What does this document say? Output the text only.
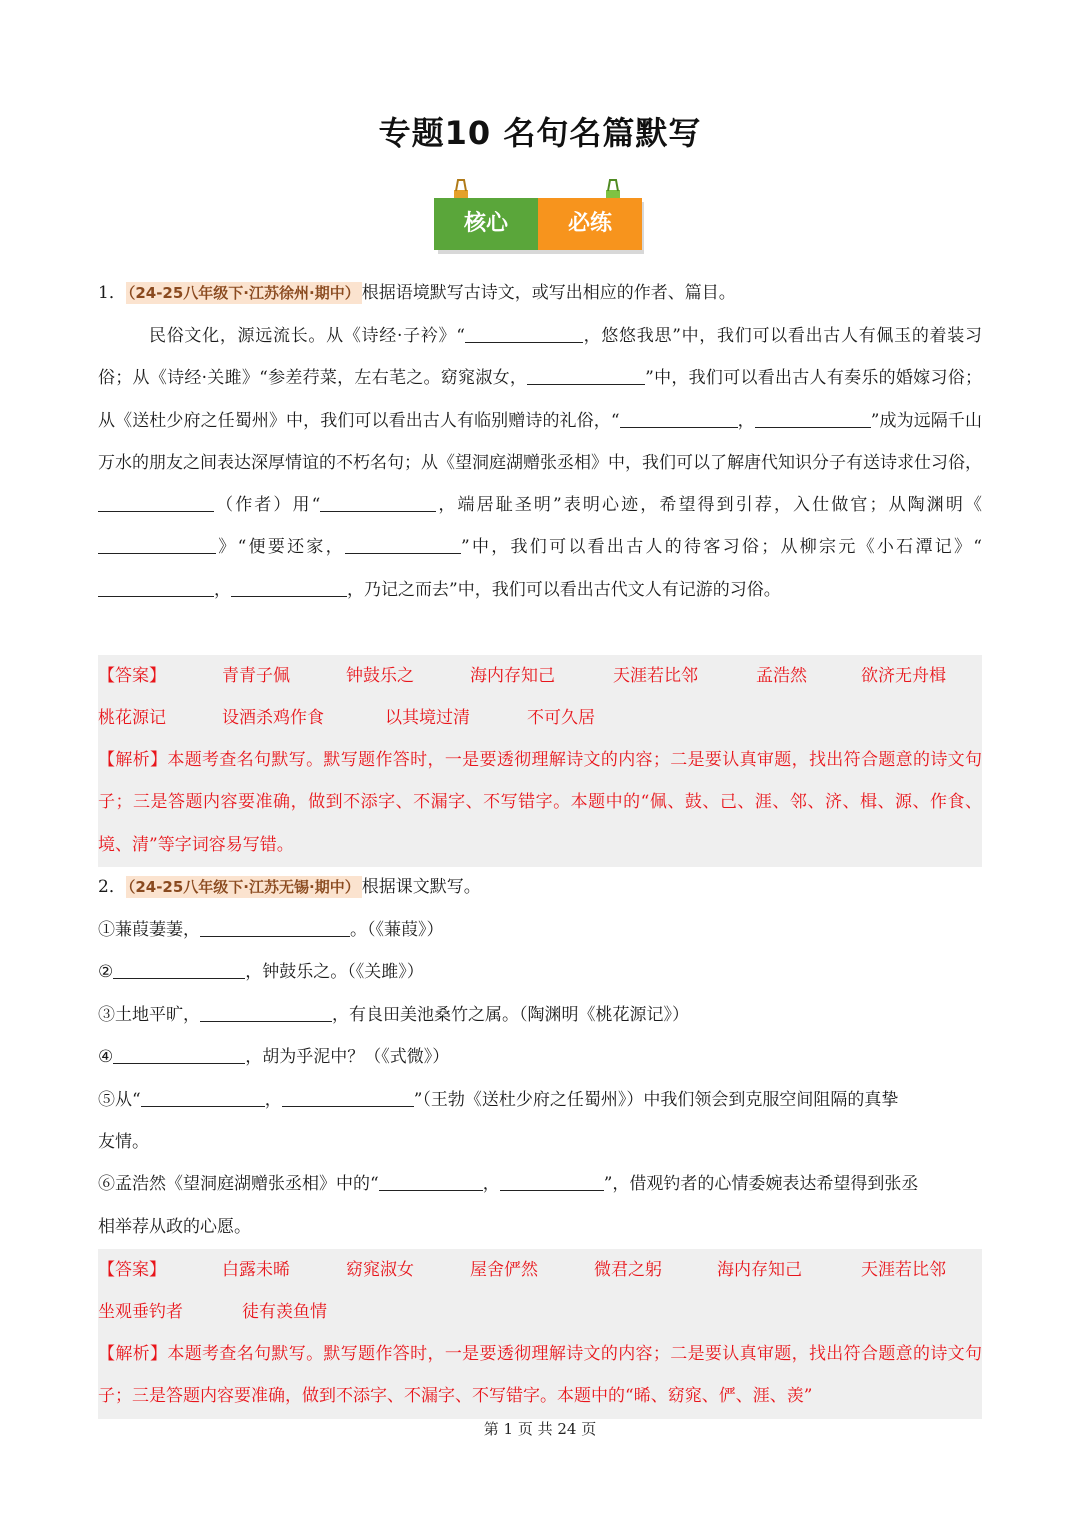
专题10 名句名篇默写
核心	必练
1． （24-25八年级下·江苏徐州·期中） 根据语境默写古诗文，或写出相应的作者、篇目。
民俗文化，源远流长。从《诗经·子衿》“	，悠悠我思”中，我们可以看出古人有佩玉的着装习俗；从《诗经·关雎》“参差荇菜，左右芼之。窈窕淑女，	”中，我们可以看出古人有奏乐的婚嫁习俗；从《送杜少府之任蜀州》中，我们可以看出古人有临别赠诗的礼俗，“	，	”成为远隔千山万水的朋友之间表达深厚情谊的不朽名句；从《望洞庭湖赠张丞相》中，我们可以了解唐代知识分子有送诗求仕习俗，（作者）用“	，端居耻圣明”表明心迹，希望得到引荐，入仕做官；从陶渊明《》“便要还家，	”中，我们可以看出古人的待客习俗；从柳宗元《小石潭记》“，	，乃记之而去”中，我们可以看出古代文人有记游的习俗。
【答案】	青青子佩	钟鼓乐之	海内存知己	天涯若比邻	孟浩然	欲济无舟楫
桃花源记	设酒杀鸡作食	以其境过清	不可久居
【解析】本题考查名句默写。默写题作答时，一是要透彻理解诗文的内容；二是要认真审题，找出符合题意的诗文句子；三是答题内容要准确，做到不添字、不漏字、不写错字。本题中的“佩、鼓、己、涯、邻、济、楫、源、作食、境、清”等字词容易写错。
2． （24-25八年级下·江苏无锡·期中） 根据课文默写。
①蒹葭萋萋，	。（《蒹葭》）
②	，钟鼓乐之。（《关雎》）
③土地平旷，	，有良田美池桑竹之属。（陶渊明《桃花源记》）
④	，胡为乎泥中？（《式微》）
⑤从“	，	”（王勃《送杜少府之任蜀州》）中我们领会到克服空间阻隔的真挚
友情。
⑥孟浩然《望洞庭湖赠张丞相》中的“	，	”，借观钓者的心情委婉表达希望得到张丞
相举荐从政的心愿。
【答案】	白露未晞	窈窕淑女	屋舍俨然	微君之躬	海内存知己	天涯若比邻
坐观垂钓者	徒有羡鱼情
【解析】本题考查名句默写。默写题作答时，一是要透彻理解诗文的内容；二是要认真审题，找出符合题意的诗文句子；三是答题内容要准确，做到不添字、不漏字、不写错字。本题中的“晞、窈窕、俨、涯、羡”
第 1 页 共 24 页
